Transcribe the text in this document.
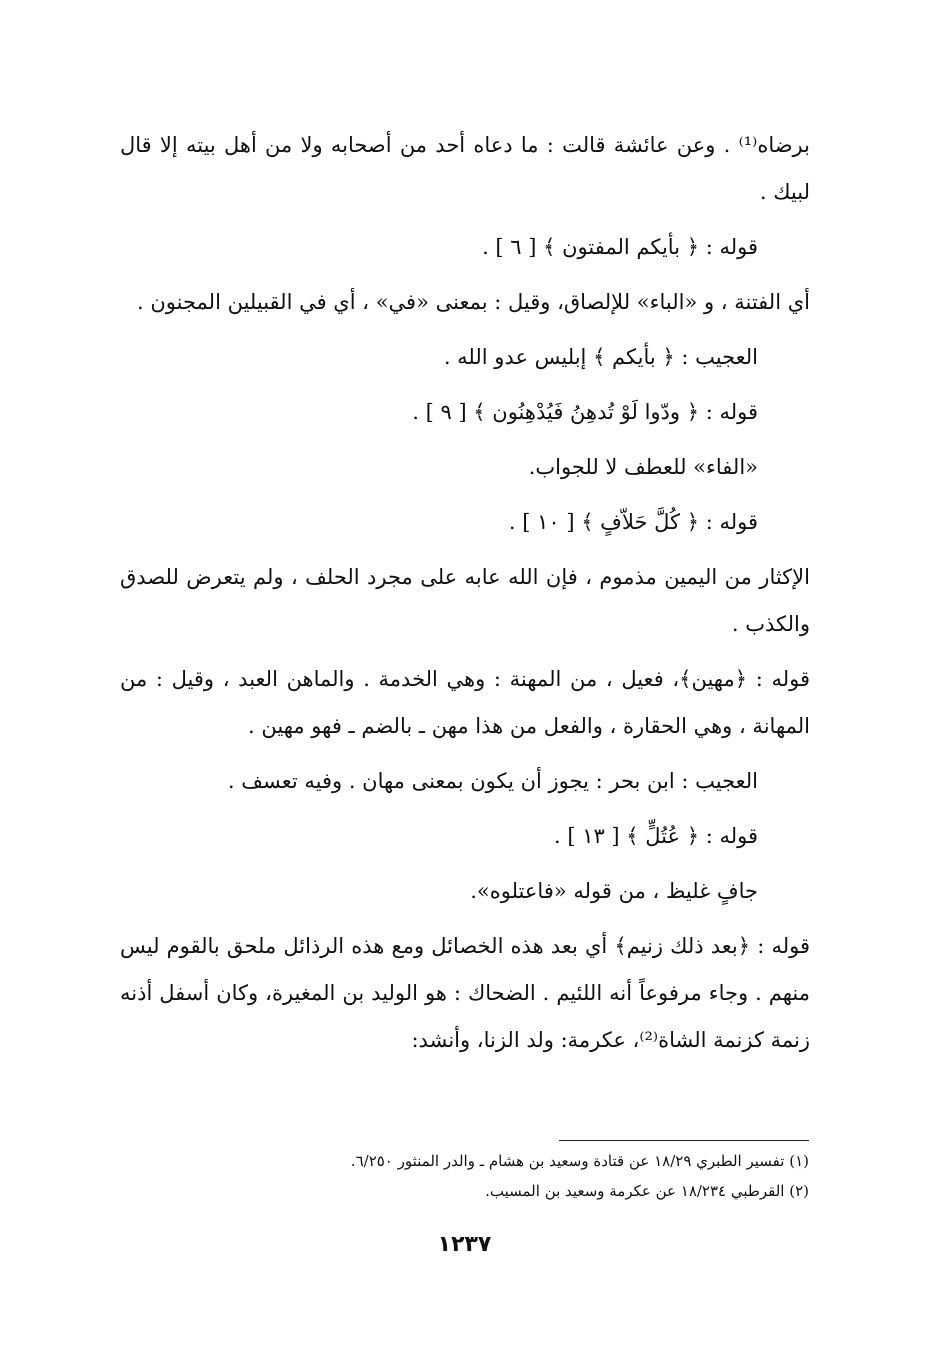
برضاه⁽¹⁾ . وعن عائشة قالت : ما دعاه أحد من أصحابه ولا من أهل بيته إلا قال لبيك .

قوله : ﴿ بأيكم المفتون ﴾ [ ٦ ] .

أي الفتنة ، و «الباء» للإلصاق، وقيل : بمعنى «في» ، أي في القبيلين المجنون .

العجيب : ﴿ بأيكم ﴾ إبليس عدو الله .

قوله : ﴿ ودّوا لَوْ تُدهِنُ فَيُدْهِنُون ﴾ [ ٩ ] .

«الفاء» للعطف لا للجواب.

قوله : ﴿ كُلَّ حَلاّفٍ ﴾ [ ١٠ ] .

الإكثار من اليمين مذموم ، فإن الله عابه على مجرد الحلف ، ولم يتعرض للصدق والكذب .

قوله : ﴿مهين﴾، فعيل ، من المهنة : وهي الخدمة . والماهن العبد ، وقيل : من المهانة ، وهي الحقارة ، والفعل من هذا مهن ـ بالضم ـ فهو مهين .

العجيب : ابن بحر : يجوز أن يكون بمعنى مهان . وفيه تعسف .

قوله : ﴿ عُتُلٍّ ﴾ [ ١٣ ] .

جافٍ غليظ ، من قوله «فاعتلوه».

قوله : ﴿بعد ذلك زنيم﴾ أي بعد هذه الخصائل ومع هذه الرذائل ملحق بالقوم ليس منهم . وجاء مرفوعاً أنه اللئيم . الضحاك : هو الوليد بن المغيرة، وكان أسفل أذنه زنمة كزنمة الشاة⁽²⁾، عكرمة: ولد الزنا، وأنشد:

(١) تفسير الطبري ١٨/٢٩ عن قتادة وسعيد بن هشام ـ والدر المنثور ٦/٢٥٠.

(٢) القرطبي ١٨/٢٣٤ عن عكرمة وسعيد بن المسيب.

١٢٣٧
